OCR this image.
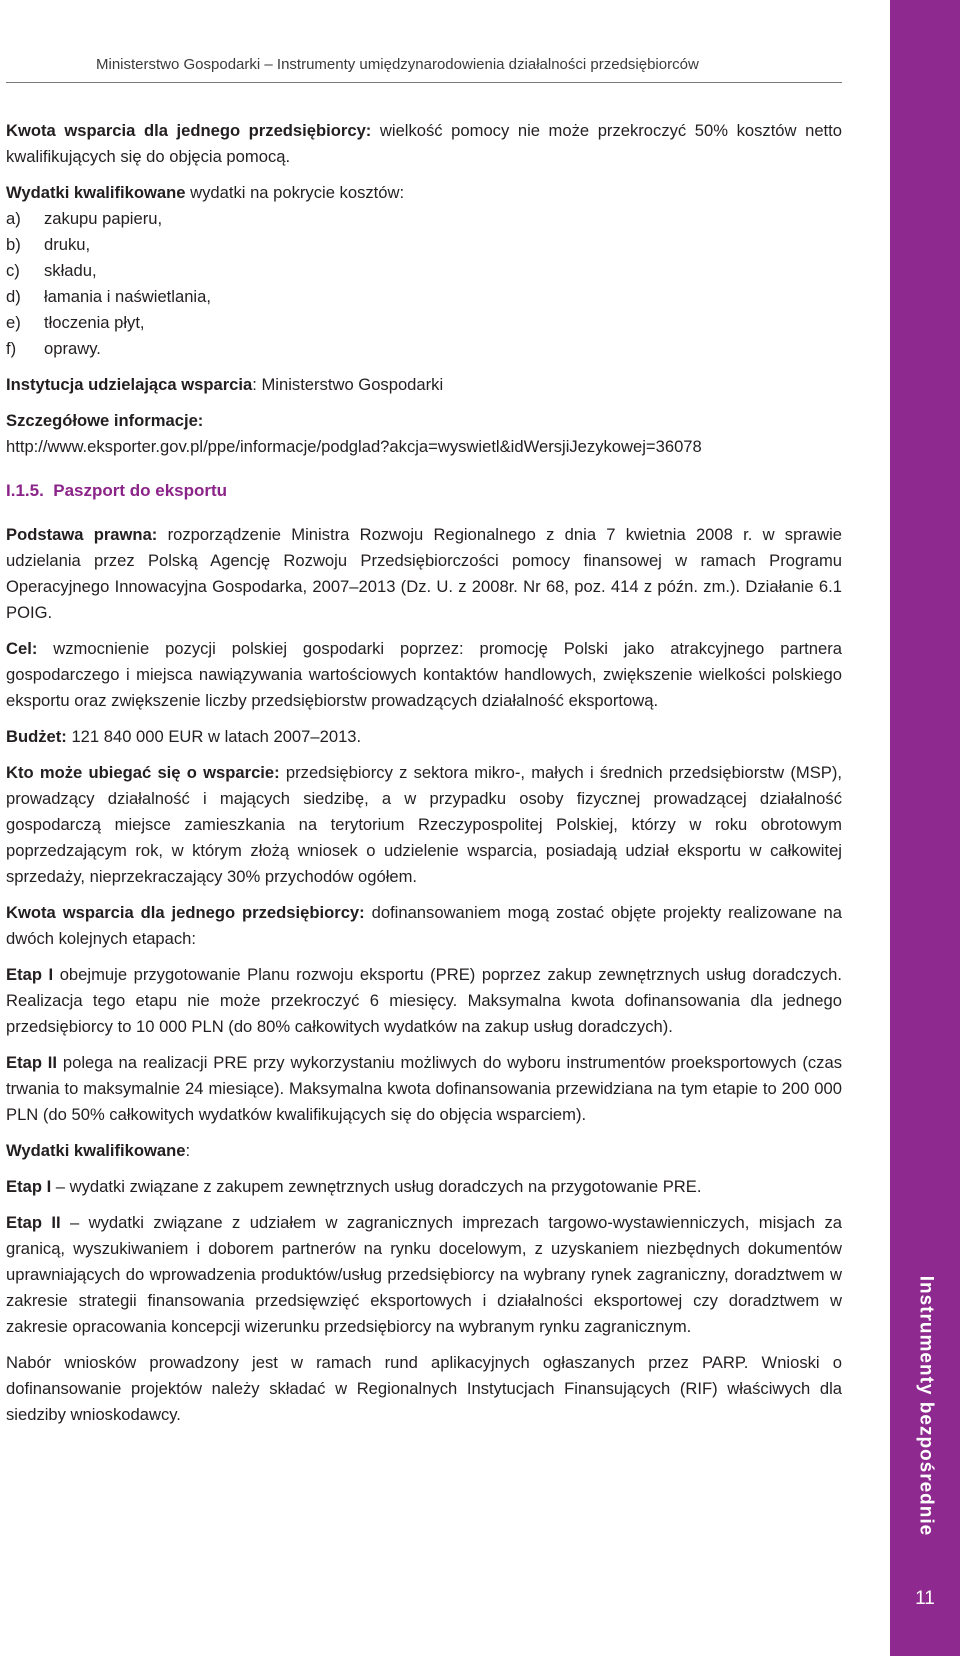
Ministerstwo Gospodarki – Instrumenty umiędzynarodowienia działalności przedsiębiorców

Kwota wsparcia dla jednego przedsiębiorcy: wielkość pomocy nie może przekroczyć 50% kosztów netto kwalifikujących się do objęcia pomocą.

Wydatki kwalifikowane wydatki na pokrycie kosztów:

a)	zakupu papieru,
b)	druku,
c)	składu,
d)	łamania i naświetlania,
e)	tłoczenia płyt,
f)	oprawy.

Instytucja udzielająca wsparcia: Ministerstwo Gospodarki

Szczegółowe informacje:

http://www.eksporter.gov.pl/ppe/informacje/podglad?akcja=wyswietl&idWersjiJezykowej=36078

I.1.5. Paszport do eksportu

Podstawa prawna: rozporządzenie Ministra Rozwoju Regionalnego z dnia 7 kwietnia 2008 r. w sprawie udzielania przez Polską Agencję Rozwoju Przedsiębiorczości pomocy finansowej w ramach Programu Operacyjnego Innowacyjna Gospodarka, 2007–2013 (Dz. U. z 2008r. Nr 68, poz. 414 z późn. zm.). Działanie 6.1 POIG.

Cel: wzmocnienie pozycji polskiej gospodarki poprzez: promocję Polski jako atrakcyjnego partnera gospodarczego i miejsca nawiązywania wartościowych kontaktów handlowych, zwiększenie wielkości polskiego eksportu oraz zwiększenie liczby przedsiębiorstw prowadzących działalność eksportową.

Budżet: 121 840 000 EUR w latach 2007–2013.

Kto może ubiegać się o wsparcie: przedsiębiorcy z sektora mikro-, małych i średnich przedsiębiorstw (MSP), prowadzący działalność i mających siedzibę, a w przypadku osoby fizycznej prowadzącej działalność gospodarczą miejsce zamieszkania na terytorium Rzeczypospolitej Polskiej, którzy w roku obrotowym poprzedzającym rok, w którym złożą wniosek o udzielenie wsparcia, posiadają udział eksportu w całkowitej sprzedaży, nieprzekraczający 30% przychodów ogółem.

Kwota wsparcia dla jednego przedsiębiorcy: dofinansowaniem mogą zostać objęte projekty realizowane na dwóch kolejnych etapach:

Etap I obejmuje przygotowanie Planu rozwoju eksportu (PRE) poprzez zakup zewnętrznych usług doradczych. Realizacja tego etapu nie może przekroczyć 6 miesięcy. Maksymalna kwota dofinansowania dla jednego przedsiębiorcy to 10 000 PLN (do 80% całkowitych wydatków na zakup usług doradczych).

Etap II polega na realizacji PRE przy wykorzystaniu możliwych do wyboru instrumentów proeksportowych (czas trwania to maksymalnie 24 miesiące). Maksymalna kwota dofinansowania przewidziana na tym etapie to 200 000 PLN (do 50% całkowitych wydatków kwalifikujących się do objęcia wsparciem).

Wydatki kwalifikowane:

Etap I – wydatki związane z zakupem zewnętrznych usług doradczych na przygotowanie PRE.

Etap II – wydatki związane z udziałem w zagranicznych imprezach targowo-wystawienniczych, misjach za granicą, wyszukiwaniem i doborem partnerów na rynku docelowym, z uzyskaniem niezbędnych dokumentów uprawniających do wprowadzenia produktów/usług przedsiębiorcy na wybrany rynek zagraniczny, doradztwem w zakresie strategii finansowania przedsięwzięć eksportowych i działalności eksportowej czy doradztwem w zakresie opracowania koncepcji wizerunku przedsiębiorcy na wybranym rynku zagranicznym.

Nabór wniosków prowadzony jest w ramach rund aplikacyjnych ogłaszanych przez PARP. Wnioski o dofinansowanie projektów należy składać w Regionalnych Instytucjach Finansujących (RIF) właściwych dla siedziby wnioskodawcy.	Instrumenty bezpośrednie
11
